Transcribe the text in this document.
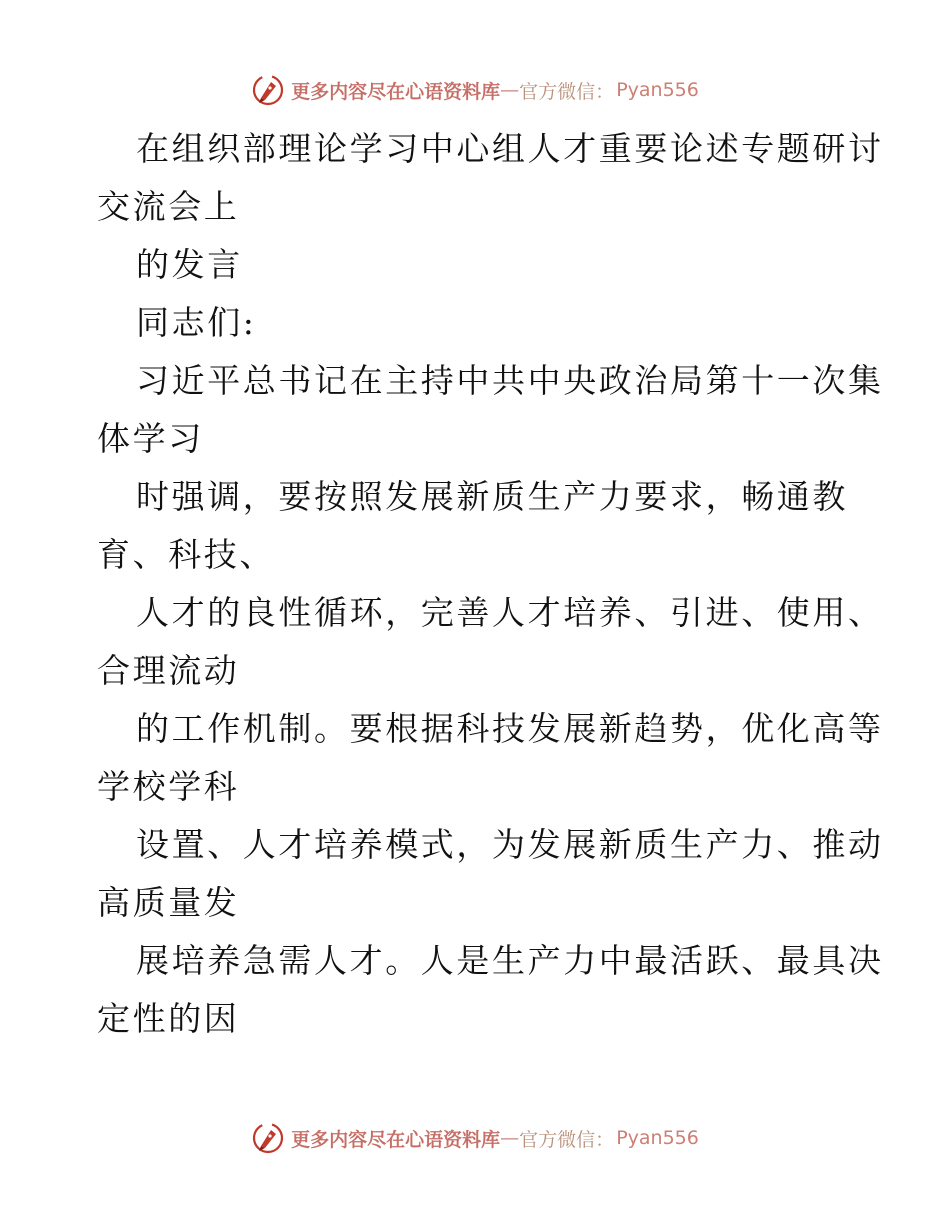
更多内容尽在心语资料库 — 官方微信： Pyan556
在组织部理论学习中心组人才重要论述专题研讨
交流会上
的发言
同志们:
习近平总书记在主持中共中央政治局第十一次集
体学习
时强调，要按照发展新质生产力要求，畅通教
育、科技、
人才的良性循环，完善人才培养、引进、使用、
合理流动
的工作机制。要根据科技发展新趋势，优化高等
学校学科
设置、人才培养模式，为发展新质生产力、推动
高质量发
展培养急需人才。人是生产力中最活跃、最具决
定性的因
更多内容尽在心语资料库 — 官方微信： Pyan556
